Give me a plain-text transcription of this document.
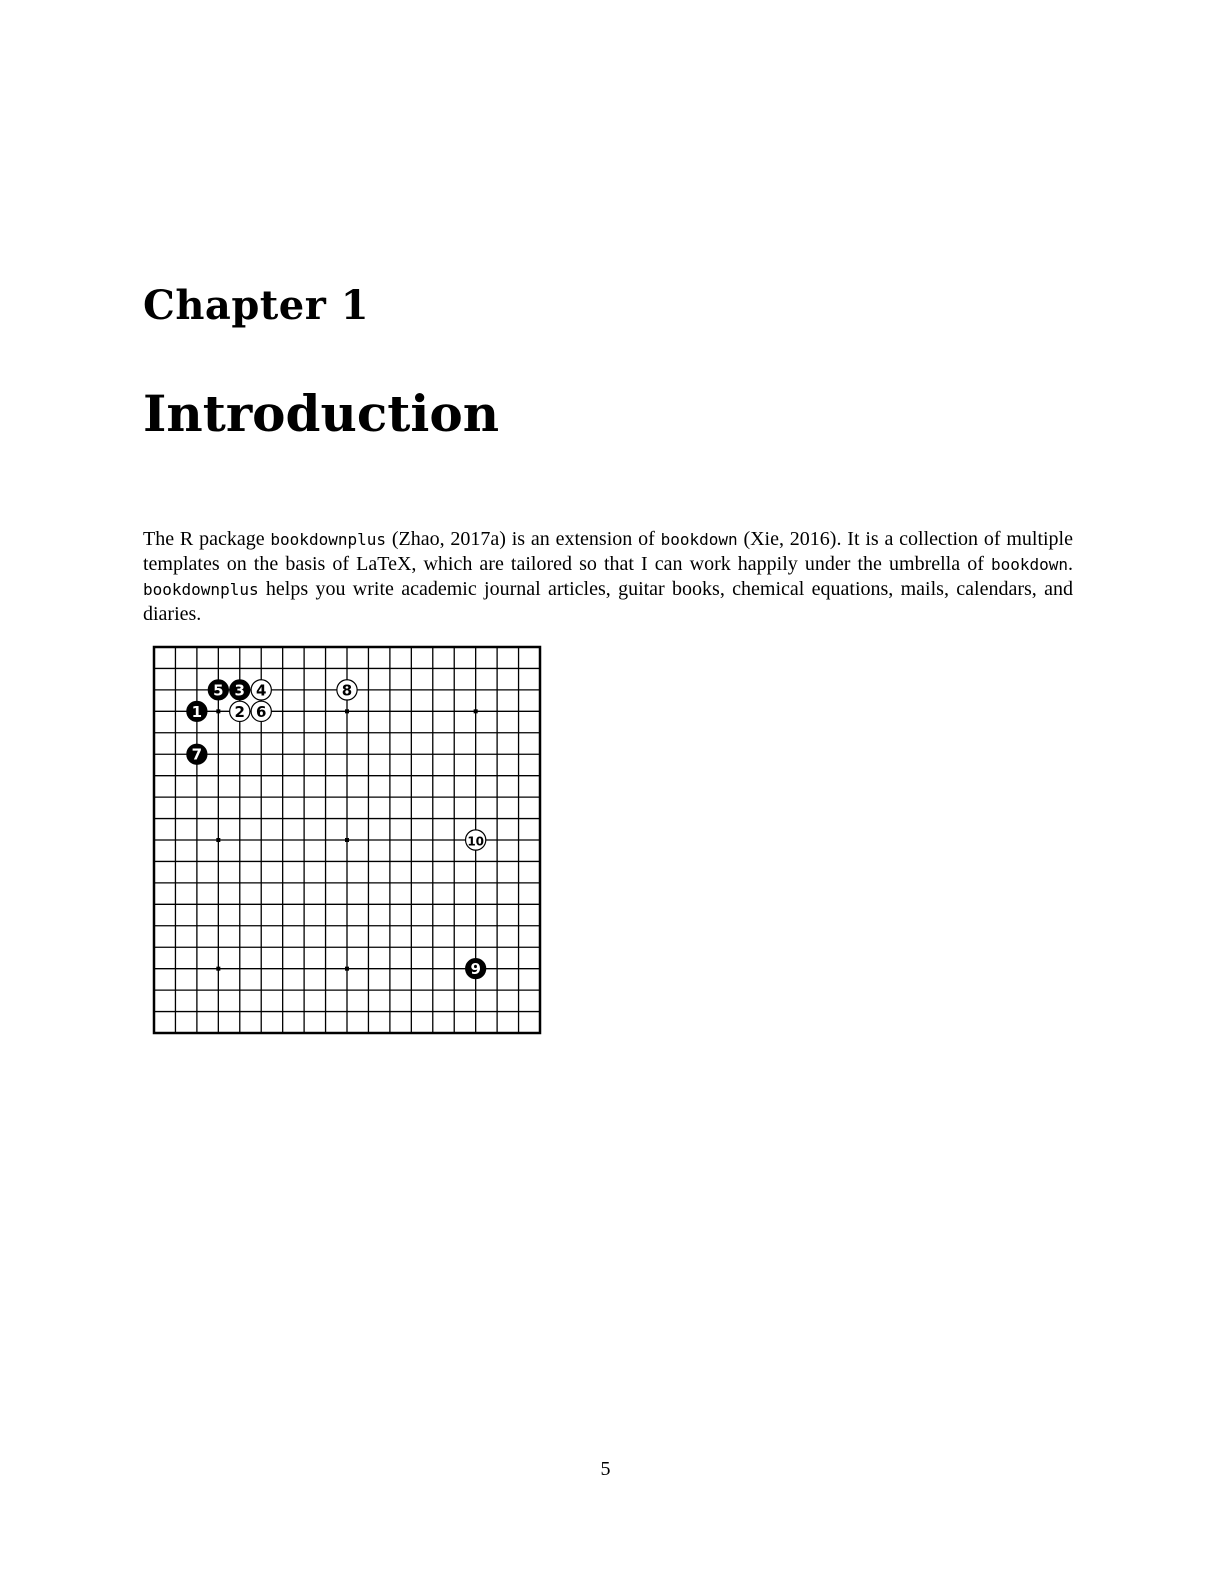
Chapter 1
Introduction

The R package bookdownplus (Zhao, 2017a) is an extension of bookdown (Xie, 2016). It is a collection of multiple templates on the basis of LaTeX, which are tailored so that I can work happily under the umbrella of bookdown. bookdownplus helps you write academic journal articles, guitar books, chemical equations, mails, calendars, and diaries.

1 2
3 4
5
6
7
8
9
10
5
